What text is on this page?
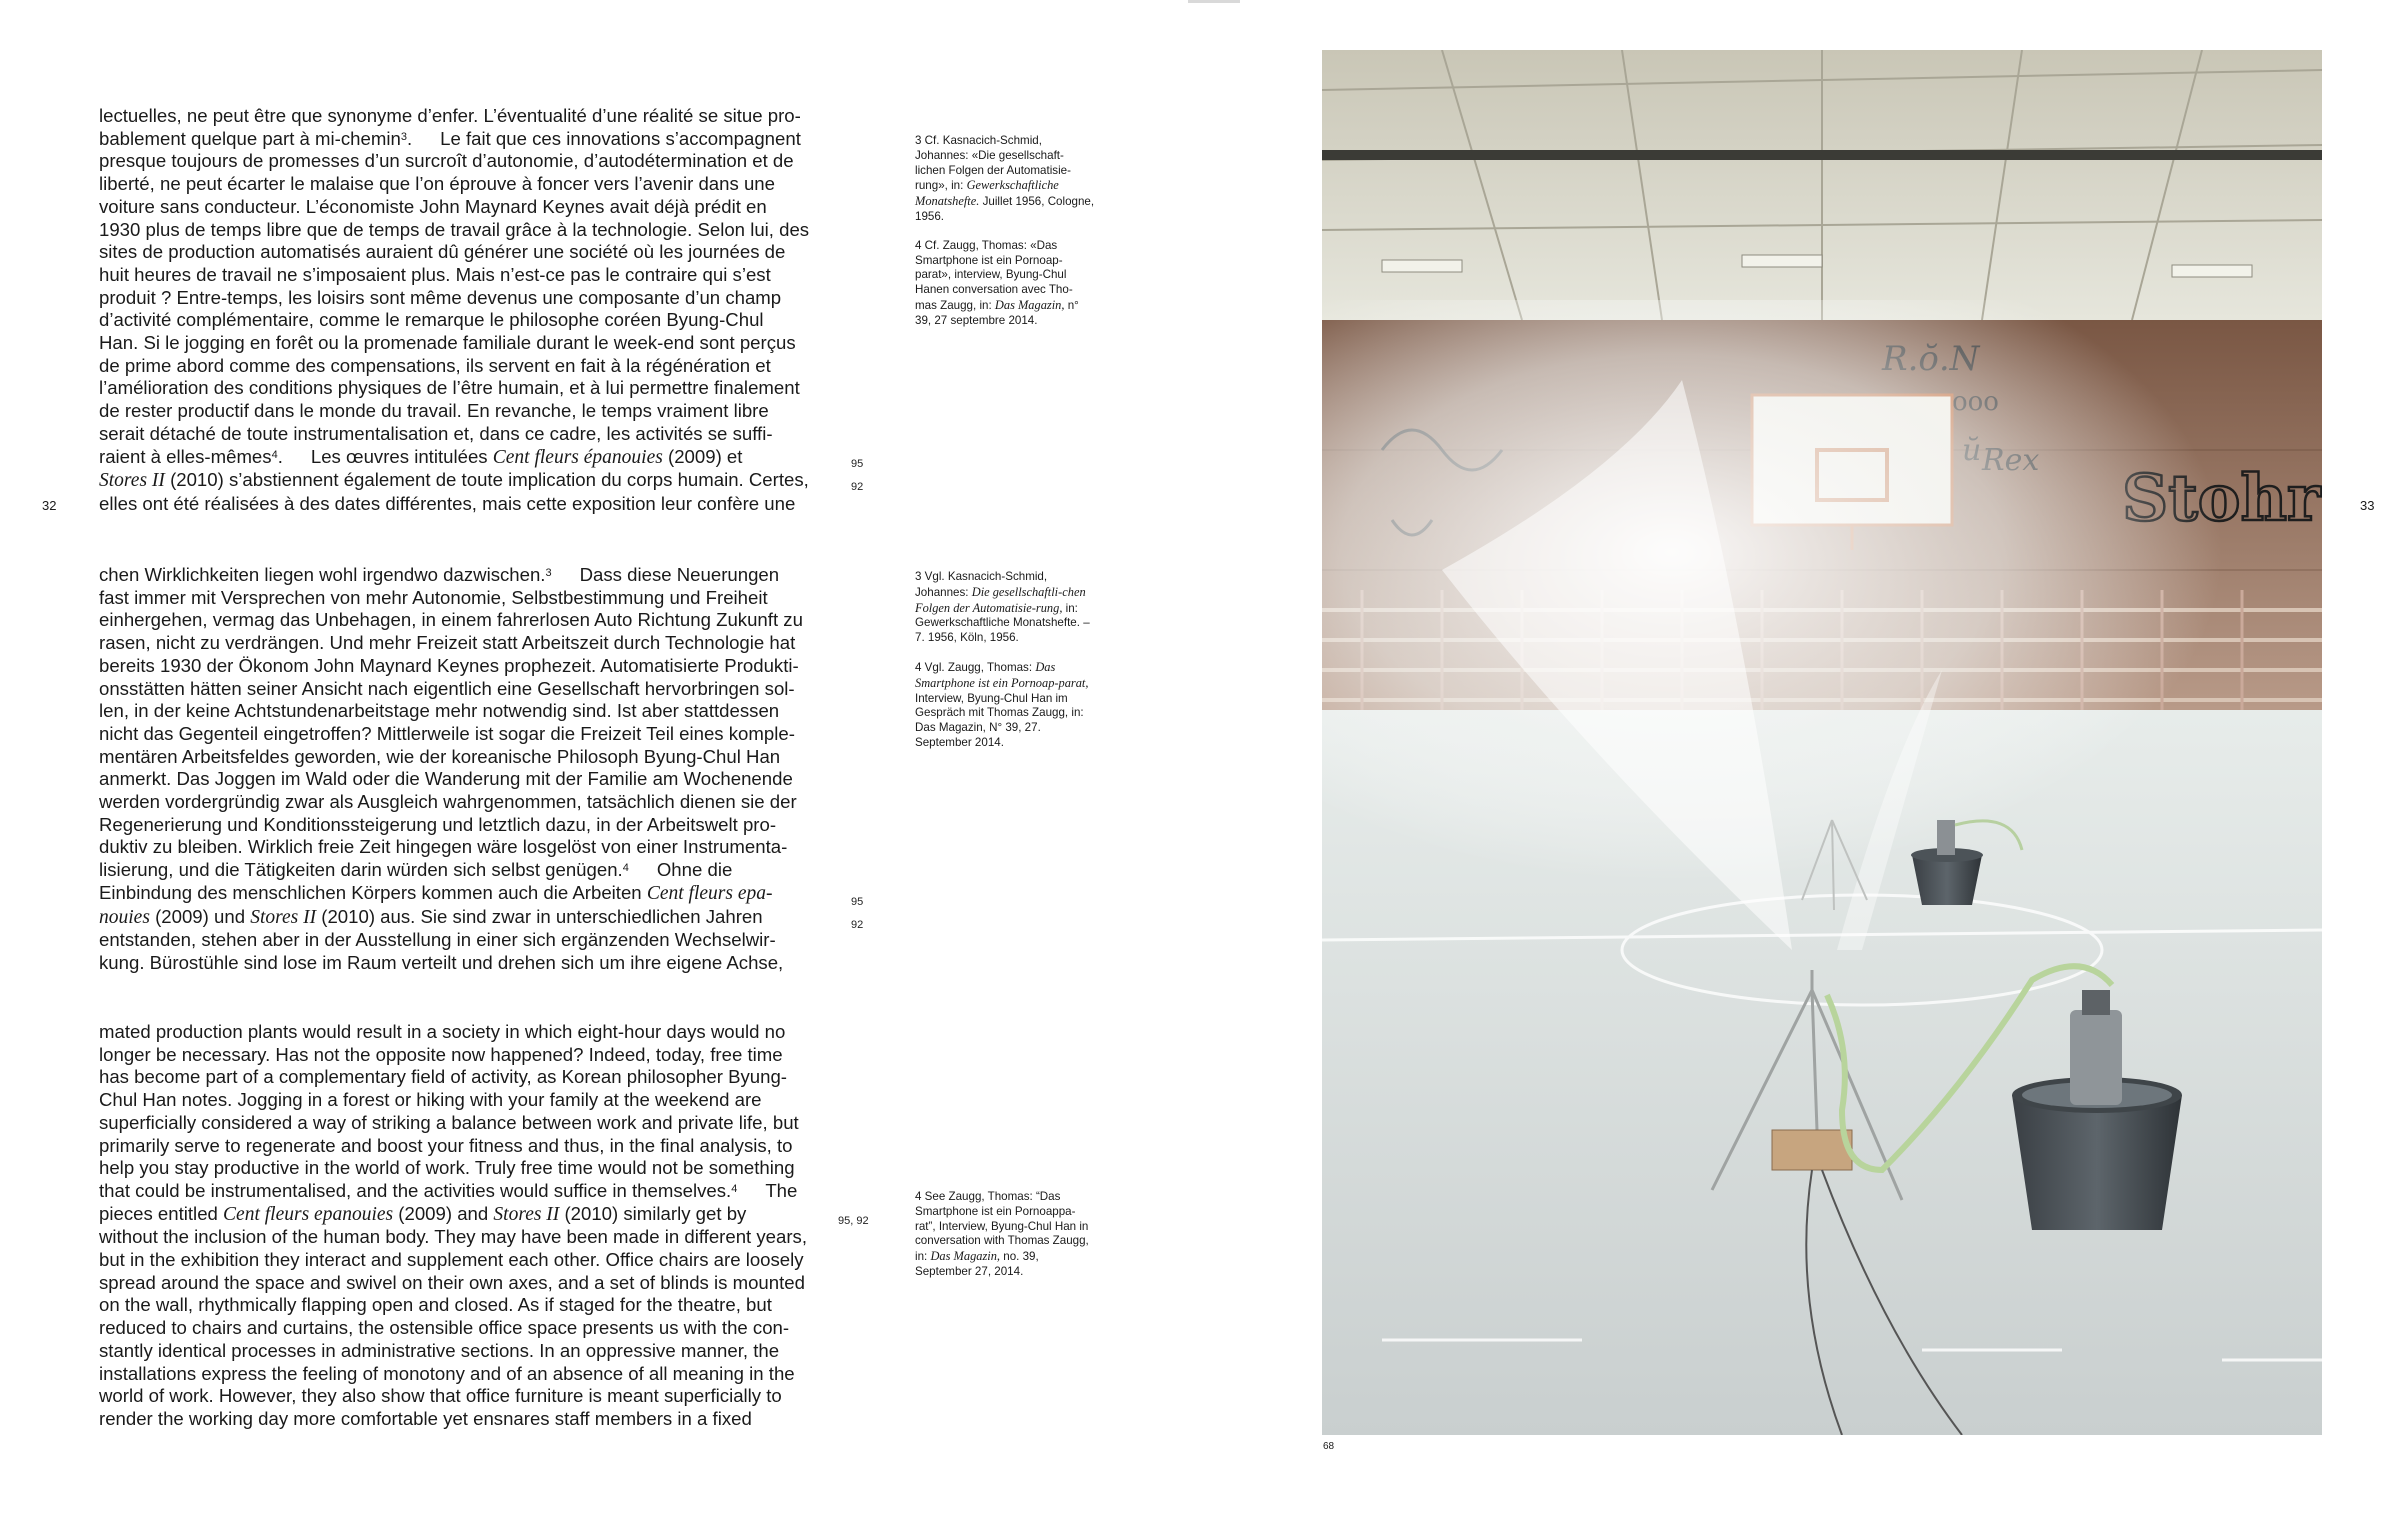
32	33

lectuelles, ne peut être que synonyme d’enfer. L’éventualité d’une réalité se situe pro-

bablement quelque part à mi-chemin$^3$. Le fait que ces innovations s’accompagnent

presque toujours de promesses d’un surcroît d’autonomie, d’autodétermination et de

liberté, ne peut écarter le malaise que l’on éprouve à foncer vers l’avenir dans une

voiture sans conducteur. L’économiste John Maynard Keynes avait déjà prédit en

1930 plus de temps libre que de temps de travail grâce à la technologie. Selon lui, des

sites de production automatisés auraient dû générer une société où les journées de

huit heures de travail ne s’imposaient plus. Mais n’est-ce pas le contraire qui s’est

produit ? Entre-temps, les loisirs sont même devenus une composante d’un champ

d’activité complémentaire, comme le remarque le philosophe coréen Byung-Chul

Han. Si le jogging en forêt ou la promenade familiale durant le week-end sont perçus

de prime abord comme des compensations, ils servent en fait à la régénération et

l’amélioration des conditions physiques de l’être humain, et à lui permettre finalement

de rester productif dans le monde du travail. En revanche, le temps vraiment libre

serait détaché de toute instrumentalisation et, dans ce cadre, les activités se suffi-

raient à elles-mêmes$^4$. Les œuvres intitulées Cent fleurs épanouies (2009) et

Stores II (2010) s’abstiennent également de toute implication du corps humain. Certes,

elles ont été réalisées à des dates différentes, mais cette exposition leur confère une

3 Cf. Kasnacich-Schmid,
Johannes: «Die gesellschaft-
lichen Folgen der Automatisie-
rung», in: Gewerkschaftliche Monatshefte. Juillet 1956, Cologne, 1956.

4 Cf. Zaugg, Thomas: «Das
Smartphone ist ein Pornoap-
parat», interview, Byung-Chul
Hanen conversation avec Tho-
mas Zaugg, in: Das Magazin, n° 39, 27 septembre 2014.

95
92

chen Wirklichkeiten liegen wohl irgendwo dazwischen.$^3$ Dass diese Neuerungen

fast immer mit Versprechen von mehr Autonomie, Selbstbestimmung und Freiheit

einhergehen, vermag das Unbehagen, in einem fahrerlosen Auto Richtung Zukunft zu

rasen, nicht zu verdrängen. Und mehr Freizeit statt Arbeitszeit durch Technologie hat

bereits 1930 der Ökonom John Maynard Keynes prophezeit. Automatisierte Produkti-

onsstätten hätten seiner Ansicht nach eigentlich eine Gesellschaft hervorbringen sol-

len, in der keine Achtstundenarbeitstage mehr notwendig sind. Ist aber stattdessen

nicht das Gegenteil eingetroffen? Mittlerweile ist sogar die Freizeit Teil eines komple-

mentären Arbeitsfeldes geworden, wie der koreanische Philosoph Byung-Chul Han

anmerkt. Das Joggen im Wald oder die Wanderung mit der Familie am Wochenende

werden vordergründig zwar als Ausgleich wahrgenommen, tatsächlich dienen sie der

Regenerierung und Konditionssteigerung und letztlich dazu, in der Arbeitswelt pro-

duktiv zu bleiben. Wirklich freie Zeit hingegen wäre losgelöst von einer Instrumenta-

lisierung, und die Tätigkeiten darin würden sich selbst genügen.$^4$ Ohne die

Einbindung des menschlichen Körpers kommen auch die Arbeiten Cent fleurs epa-

nouies (2009) und Stores II (2010) aus. Sie sind zwar in unterschiedlichen Jahren

entstanden, stehen aber in der Ausstellung in einer sich ergänzenden Wechselwir-

kung. Bürostühle sind lose im Raum verteilt und drehen sich um ihre eigene Achse,

3 Vgl. Kasnacich-Schmid,
Johannes: Die gesellschaftli-chen Folgen der Automatisie-rung, in: Gewerkschaftliche Monatshefte. – 7. 1956, Köln, 1956.

4 Vgl. Zaugg, Thomas: Das Smartphone ist ein Pornoap-parat, Interview, Byung-Chul Han im Gespräch mit Thomas Zaugg, in: Das Magazin, N° 39, 27. September 2014.

95
92

mated production plants would result in a society in which eight-hour days would no

longer be necessary. Has not the opposite now happened? Indeed, today, free time

has become part of a complementary field of activity, as Korean philosopher Byung-

Chul Han notes. Jogging in a forest or hiking with your family at the weekend are

superficially considered a way of striking a balance between work and private life, but

primarily serve to regenerate and boost your fitness and thus, in the final analysis, to

help you stay productive in the world of work. Truly free time would not be something

that could be instrumentalised, and the activities would suffice in themselves.$^4$ The

pieces entitled Cent fleurs epanouies (2009) and Stores II (2010) similarly get by

without the inclusion of the human body. They may have been made in different years,

but in the exhibition they interact and supplement each other. Office chairs are loosely

spread around the space and swivel on their own axes, and a set of blinds is mounted

on the wall, rhythmically flapping open and closed. As if staged for the theatre, but

reduced to chairs and curtains, the ostensible office space presents us with the con-

stantly identical processes in administrative sections. In an oppressive manner, the

installations express the feeling of monotony and of an absence of all meaning in the

world of work. However, they also show that office furniture is meant superficially to

render the working day more comfortable yet ensnares staff members in a fixed

4 See Zaugg, Thomas: “Das Smartphone ist ein Pornoappa-rat”, Interview, Byung-Chul Han in conversation with Thomas Zaugg, in: Das Magazin, no. 39, September 27, 2014.

95, 92
68
